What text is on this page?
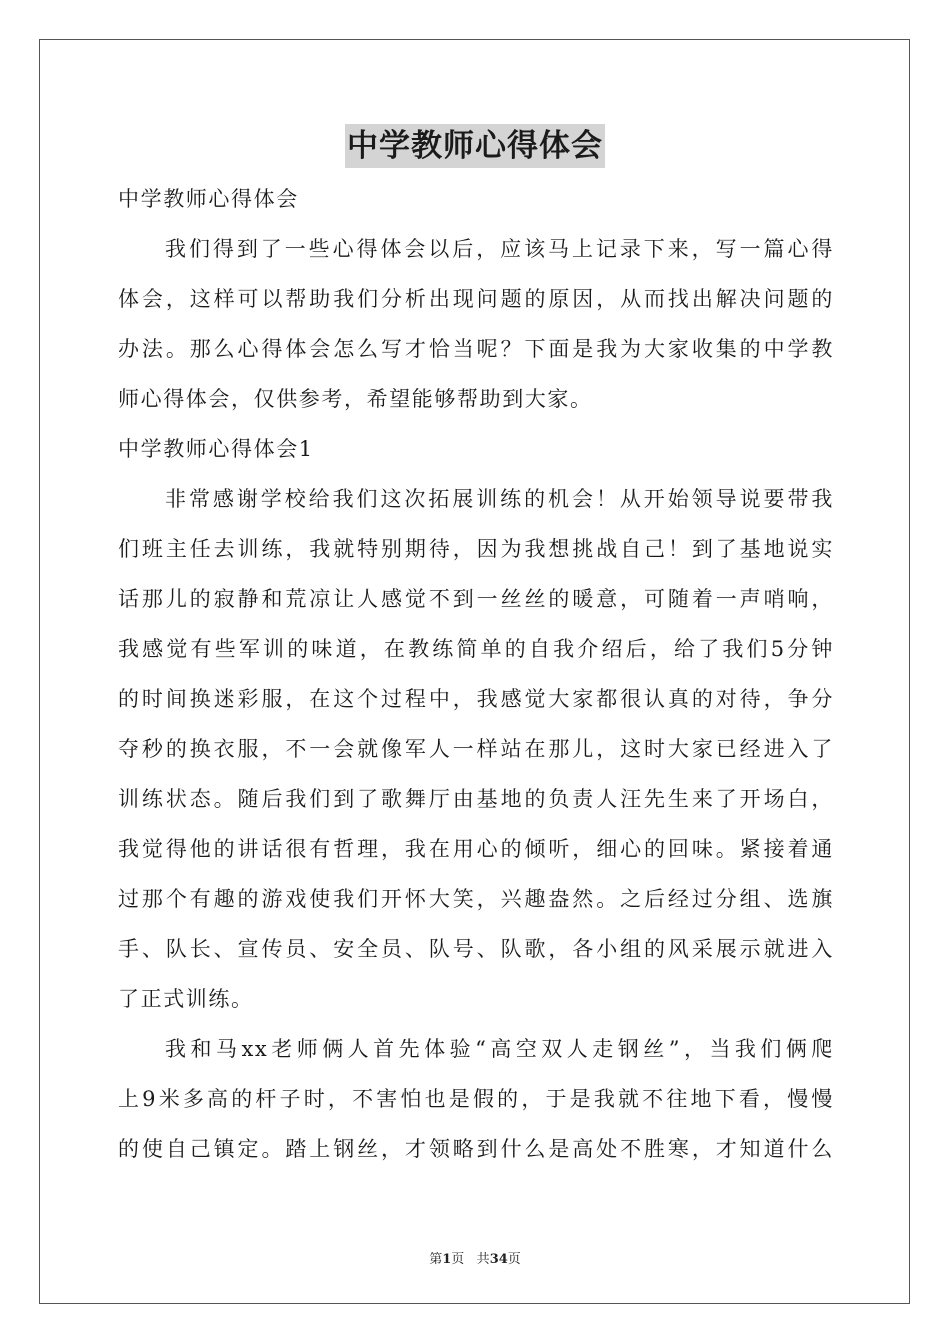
中学教师心得体会
中学教师心得体会
我们得到了一些心得体会以后，应该马上记录下来，写一篇心得
体会，这样可以帮助我们分析出现问题的原因，从而找出解决问题的
办法。那么心得体会怎么写才恰当呢？下面是我为大家收集的中学教
师心得体会，仅供参考，希望能够帮助到大家。
中学教师心得体会1
非常感谢学校给我们这次拓展训练的机会！从开始领导说要带我
们班主任去训练，我就特别期待，因为我想挑战自己！到了基地说实
话那儿的寂静和荒凉让人感觉不到一丝丝的暖意，可随着一声哨响，
我感觉有些军训的味道，在教练简单的自我介绍后，给了我们5分钟
的时间换迷彩服，在这个过程中，我感觉大家都很认真的对待，争分
夺秒的换衣服，不一会就像军人一样站在那儿，这时大家已经进入了
训练状态。随后我们到了歌舞厅由基地的负责人汪先生来了开场白，
我觉得他的讲话很有哲理，我在用心的倾听，细心的回味。紧接着通
过那个有趣的游戏使我们开怀大笑，兴趣盎然。之后经过分组、选旗
手、队长、宣传员、安全员、队号、队歌，各小组的风采展示就进入
了正式训练。
我和马xx老师俩人首先体验“高空双人走钢丝”，当我们俩爬
上9米多高的杆子时，不害怕也是假的，于是我就不往地下看，慢慢
的使自己镇定。踏上钢丝，才领略到什么是高处不胜寒，才知道什么
第1页 共34页
